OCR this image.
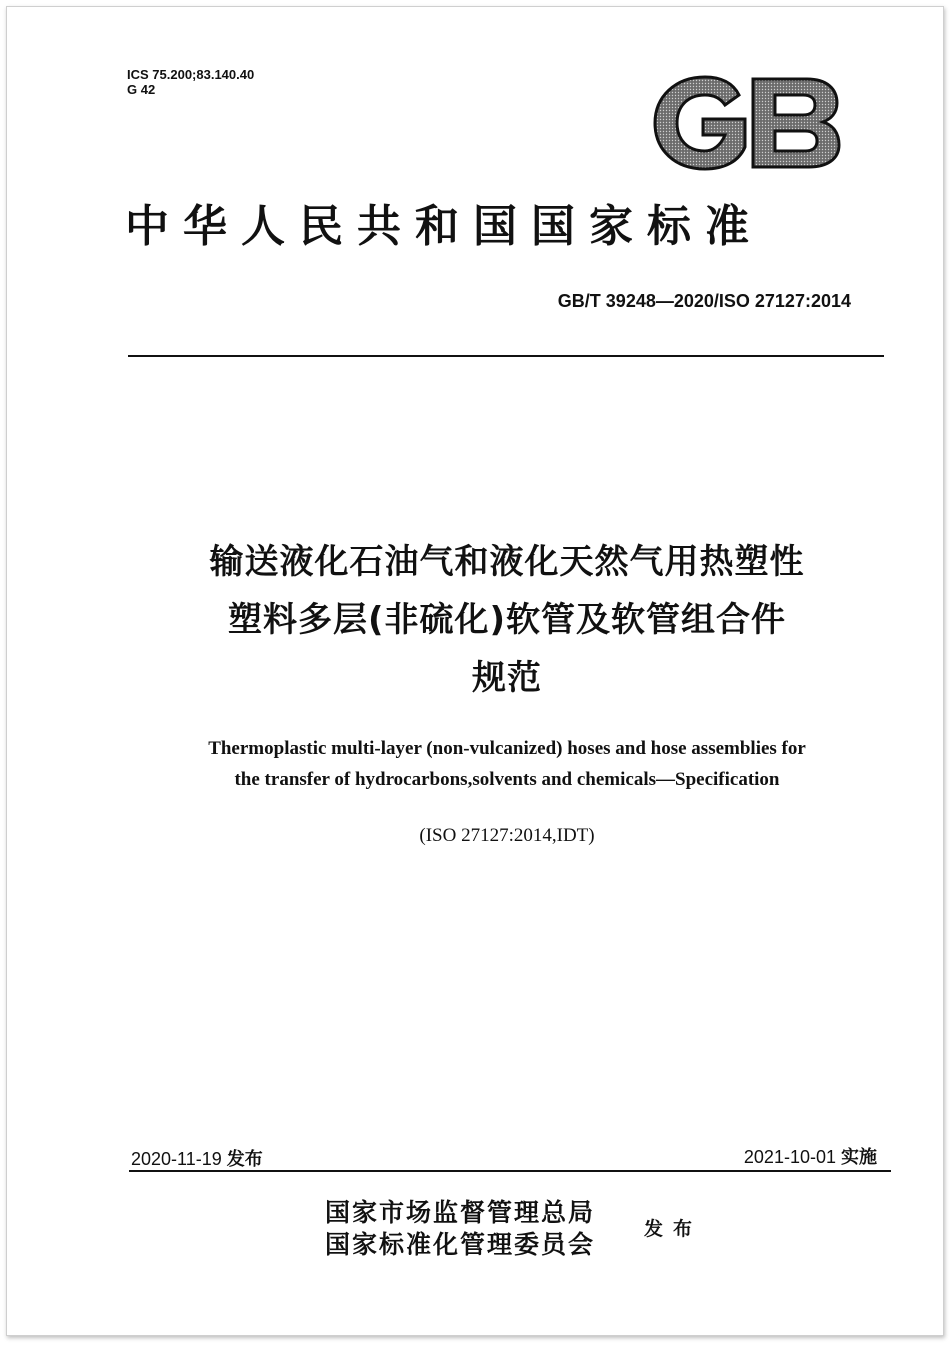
ICS 75.200;83.140.40
G 42
中华人民共和国国家标准
GB/T 39248—2020/ISO 27127:2014
输送液化石油气和液化天然气用热塑性
塑料多层(非硫化)软管及软管组合件
规范
Thermoplastic multi-layer (non-vulcanized) hoses and hose assemblies for
the transfer of hydrocarbons,solvents and chemicals—Specification
(ISO 27127:2014,IDT)
2020-11-19 发布	2021-10-01 实施
国家市场监督管理总局
国家标准化管理委员会
发布
